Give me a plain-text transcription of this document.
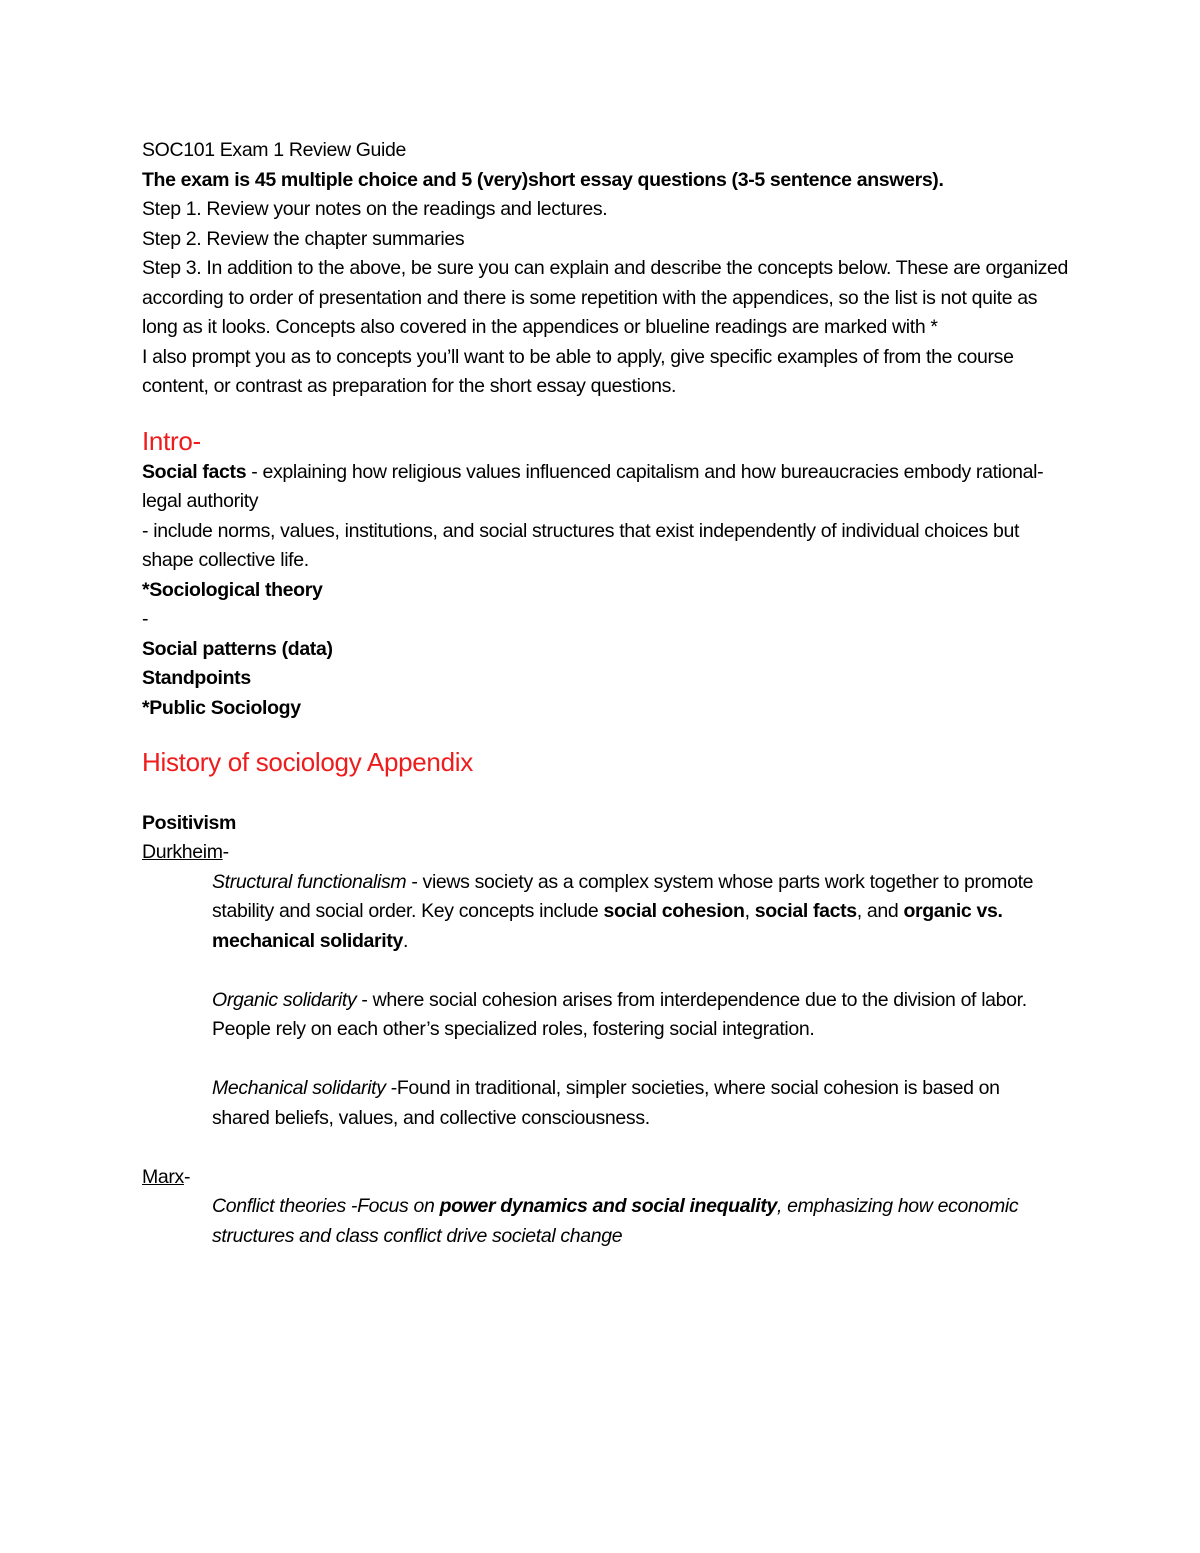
SOC101 Exam 1 Review Guide

The exam is 45 multiple choice and 5 (very)short essay questions (3-5 sentence answers).

Step 1. Review your notes on the readings and lectures.

Step 2. Review the chapter summaries

Step 3. In addition to the above, be sure you can explain and describe the concepts below. These are organized according to order of presentation and there is some repetition with the appendices, so the list is not quite as long as it looks. Concepts also covered in the appendices or blueline readings are marked with *

I also prompt you as to concepts you’ll want to be able to apply, give specific examples of from the course content, or contrast as preparation for the short essay questions.

Intro-

Social facts - explaining how religious values influenced capitalism and how bureaucracies embody rational-legal authority

- include norms, values, institutions, and social structures that exist independently of individual choices but shape collective life.

*Sociological theory

-

Social patterns (data)

Standpoints

*Public Sociology

History of sociology Appendix

Positivism

Durkheim-

Structural functionalism - views society as a complex system whose parts work together to promote stability and social order. Key concepts include social cohesion, social facts, and organic vs. mechanical solidarity.

Organic solidarity - where social cohesion arises from interdependence due to the division of labor. People rely on each other’s specialized roles, fostering social integration.

Mechanical solidarity -Found in traditional, simpler societies, where social cohesion is based on shared beliefs, values, and collective consciousness.

Marx-

Conflict theories -Focus on power dynamics and social inequality, emphasizing how economic structures and class conflict drive societal change
